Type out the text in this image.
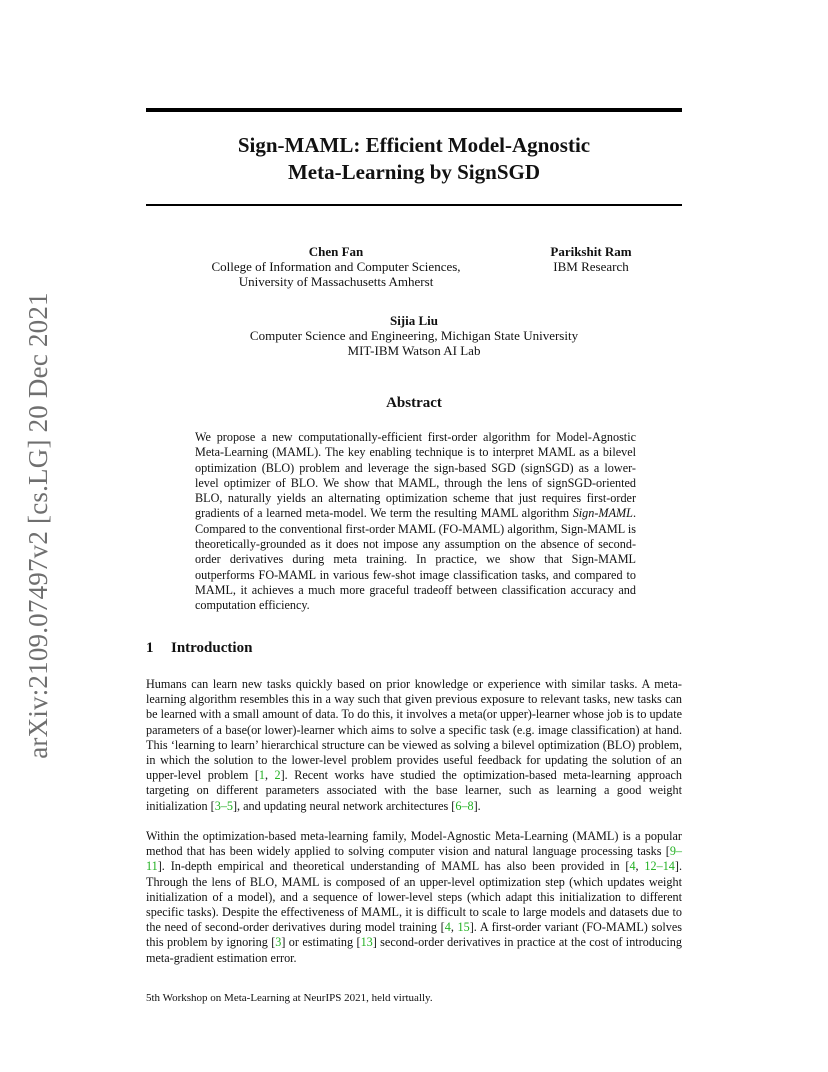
arXiv:2109.07497v2 [cs.LG] 20 Dec 2021
Sign-MAML: Efficient Model-Agnostic
Meta-Learning by SignSGD
Chen Fan
College of Information and Computer Sciences,
University of Massachusetts Amherst
Parikshit Ram
IBM Research
Sijia Liu
Computer Science and Engineering, Michigan State University
MIT-IBM Watson AI Lab
Abstract
We propose a new computationally-efficient first-order algorithm for Model-Agnostic Meta-Learning (MAML). The key enabling technique is to interpret MAML as a bilevel optimization (BLO) problem and leverage the sign-based SGD (signSGD) as a lower-level optimizer of BLO. We show that MAML, through the lens of signSGD-oriented BLO, naturally yields an alternating optimization scheme that just requires first-order gradients of a learned meta-model. We term the resulting MAML algorithm Sign-MAML. Compared to the conventional first-order MAML (FO-MAML) algorithm, Sign-MAML is theoretically-grounded as it does not impose any assumption on the absence of second-order derivatives during meta training. In practice, we show that Sign-MAML outperforms FO-MAML in various few-shot image classification tasks, and compared to MAML, it achieves a much more graceful tradeoff between classification accuracy and computation efficiency.
1 Introduction
Humans can learn new tasks quickly based on prior knowledge or experience with similar tasks. A meta-learning algorithm resembles this in a way such that given previous exposure to relevant tasks, new tasks can be learned with a small amount of data. To do this, it involves a meta(or upper)-learner whose job is to update parameters of a base(or lower)-learner which aims to solve a specific task (e.g. image classification) at hand. This ‘learning to learn’ hierarchical structure can be viewed as solving a bilevel optimization (BLO) problem, in which the solution to the lower-level problem provides useful feedback for updating the solution of an upper-level problem [1, 2]. Recent works have studied the optimization-based meta-learning approach targeting on different parameters associated with the base learner, such as learning a good weight initialization [3–5], and updating neural network architectures [6–8].
Within the optimization-based meta-learning family, Model-Agnostic Meta-Learning (MAML) is a popular method that has been widely applied to solving computer vision and natural language processing tasks [9–11]. In-depth empirical and theoretical understanding of MAML has also been provided in [4, 12–14]. Through the lens of BLO, MAML is composed of an upper-level optimization step (which updates weight initialization of a model), and a sequence of lower-level steps (which adapt this initialization to different specific tasks). Despite the effectiveness of MAML, it is difficult to scale to large models and datasets due to the need of second-order derivatives during model training [4, 15]. A first-order variant (FO-MAML) solves this problem by ignoring [3] or estimating [13] second-order derivatives in practice at the cost of introducing meta-gradient estimation error.
5th Workshop on Meta-Learning at NeurIPS 2021, held virtually.
